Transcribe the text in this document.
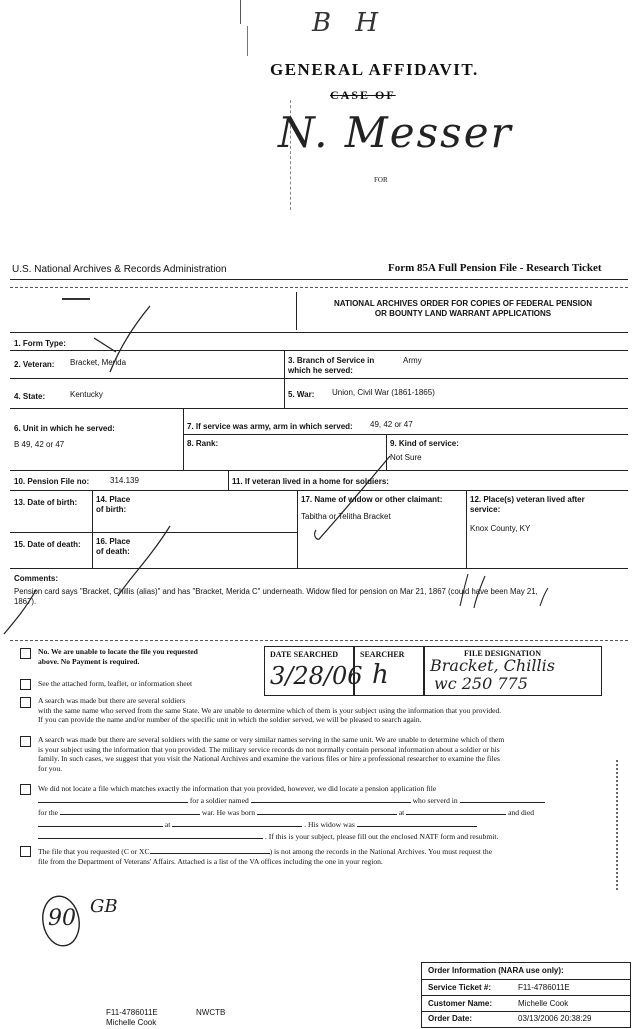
B H
GENERAL AFFIDAVIT.
CASE OF
N. Messer
FOR
U.S. National Archives & Records Administration	Form 85A Full Pension File - Research Ticket
NATIONAL ARCHIVES ORDER FOR COPIES OF FEDERAL PENSION
OR BOUNTY LAND WARRANT APPLICATIONS
1. Form Type:
2. Veteran: Bracket, Merida	3. Branch of Service in
which he served:
Army
4. State:	Kentucky	5. War: Union, Civil War (1861-1865)
6. Unit in which he served:
B 49, 42 or 47
7. If service was army, arm in which served: 49, 42 or 47
8. Rank:	9. Kind of service:
Not Sure
10. Pension File no:	314.139	11. If veteran lived in a home for soldiers:
13. Date of birth: 14. Place
of birth:
17. Name of widow or other claimant:
Tabitha or Telitha Bracket
12. Place(s) veteran lived after
service:
Knox County, KY
15. Date of death: 16. Place
of death:
Comments:
Pension card says "Bracket, Chillis (alias)" and has "Bracket, Merida C" underneath. Widow filed for pension on Mar 21, 1867 (could have been May 21,
1867).
No. We are unable to locate the file you requested
above. No Payment is required.
DATE SEARCHED
3/28/06
SEARCHER
h
FILE DESIGNATION
Bracket, Chillis
wc 250 775
See the attached form, leaflet, or information sheet
A search was made but there are several soldiers
with the same name who served from the same State. We are unable to determine which of them is your subject using the information that you provided.
If you can provide the name and/or number of the specific unit in which the soldier served, we will be pleased to search again.
A search was made but there are several soldiers with the same or very similar names serving in the same unit. We are unable to determine which of them
is your subject using the information that you provided. The military service records do not normally contain personal information about a soldier or his
family. In such cases, we suggest that you visit the National Archives and examine the various files or hire a professional researcher to examine the files
for you.
We did not locate a file which matches exactly the information that you provided, however, we did locate a pension application file
for a soldier named	who serverd in
for the	war. He was born	at	and died
at	. His widow was
. If this is your subject, please fill out the enclosed NATF form and resubmit.
The file that you requested (C or XC	) is not among the records in the National Archives. You must request the
file from the Department of Veterans' Affairs. Attached is a list of the VA offices including the one in your region.
90 GB
Order Information (NARA use only):
Service Ticket #:	F11-4786011E
Customer Name:	Michelle Cook
Order Date:	03/13/2006 20:38:29
F11-4786011E	NWCTB
Michelle Cook
